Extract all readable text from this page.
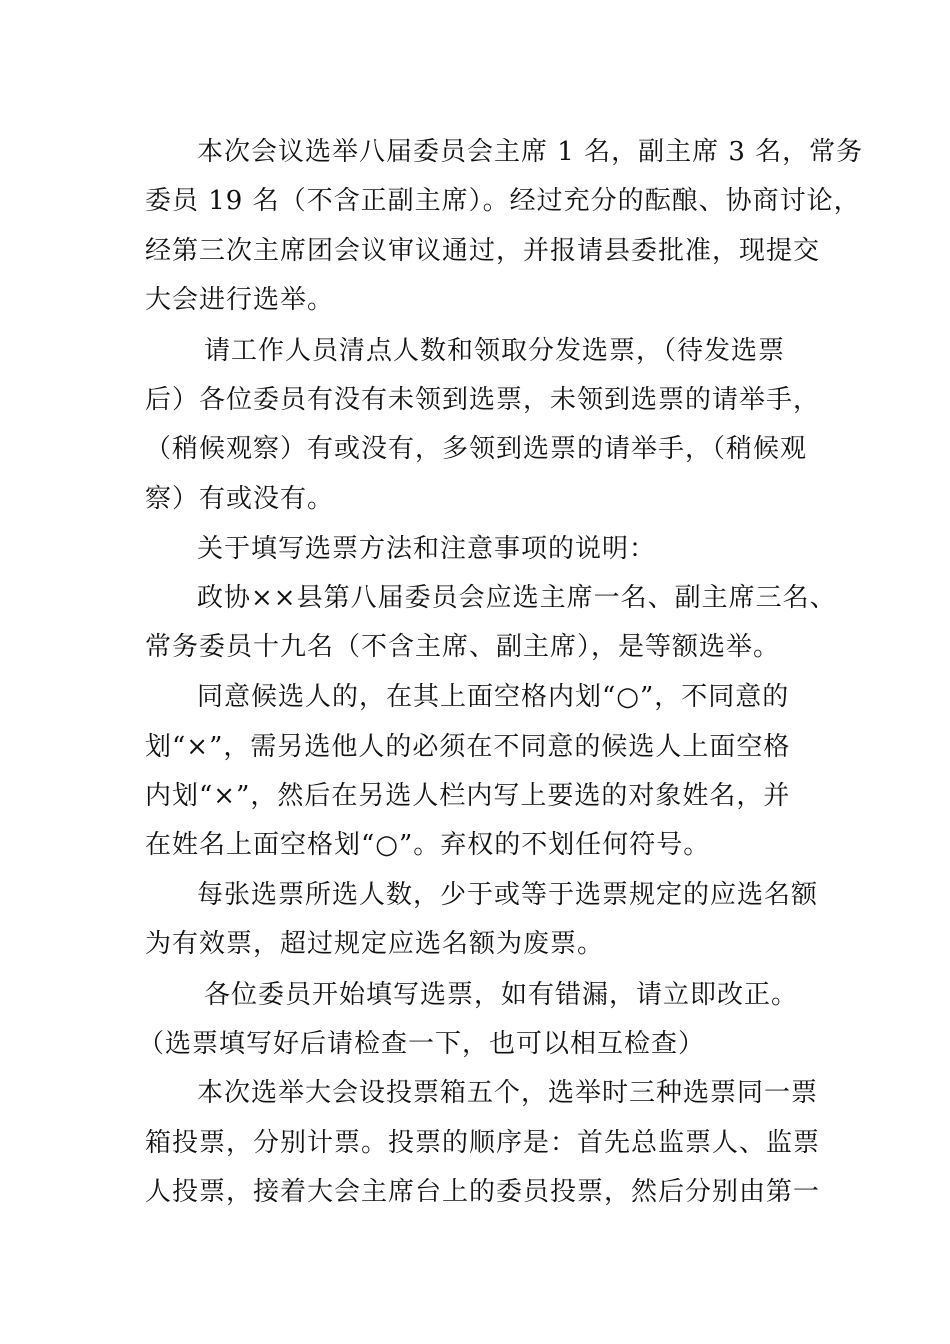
本次会议选举八届委员会主席 1 名，副主席 3 名，常务
委员 19 名（不含正副主席）。经过充分的酝酿、协商讨论，
经第三次主席团会议审议通过，并报请县委批准，现提交
大会进行选举。
请工作人员清点人数和领取分发选票，（待发选票
后）各位委员有没有未领到选票，未领到选票的请举手，
（稍候观察）有或没有，多领到选票的请举手，（稍候观
察）有或没有。
关于填写选票方法和注意事项的说明：
政协××县第八届委员会应选主席一名、副主席三名、
常务委员十九名（不含主席、副主席），是等额选举。
同意候选人的，在其上面空格内划“○”，不同意的
划“×”，需另选他人的必须在不同意的候选人上面空格
内划“×”，然后在另选人栏内写上要选的对象姓名，并
在姓名上面空格划“○”。弃权的不划任何符号。
每张选票所选人数，少于或等于选票规定的应选名额
为有效票，超过规定应选名额为废票。
各位委员开始填写选票，如有错漏，请立即改正。
（选票填写好后请检查一下，也可以相互检查）
本次选举大会设投票箱五个，选举时三种选票同一票
箱投票，分别计票。投票的顺序是：首先总监票人、监票
人投票，接着大会主席台上的委员投票，然后分别由第一
